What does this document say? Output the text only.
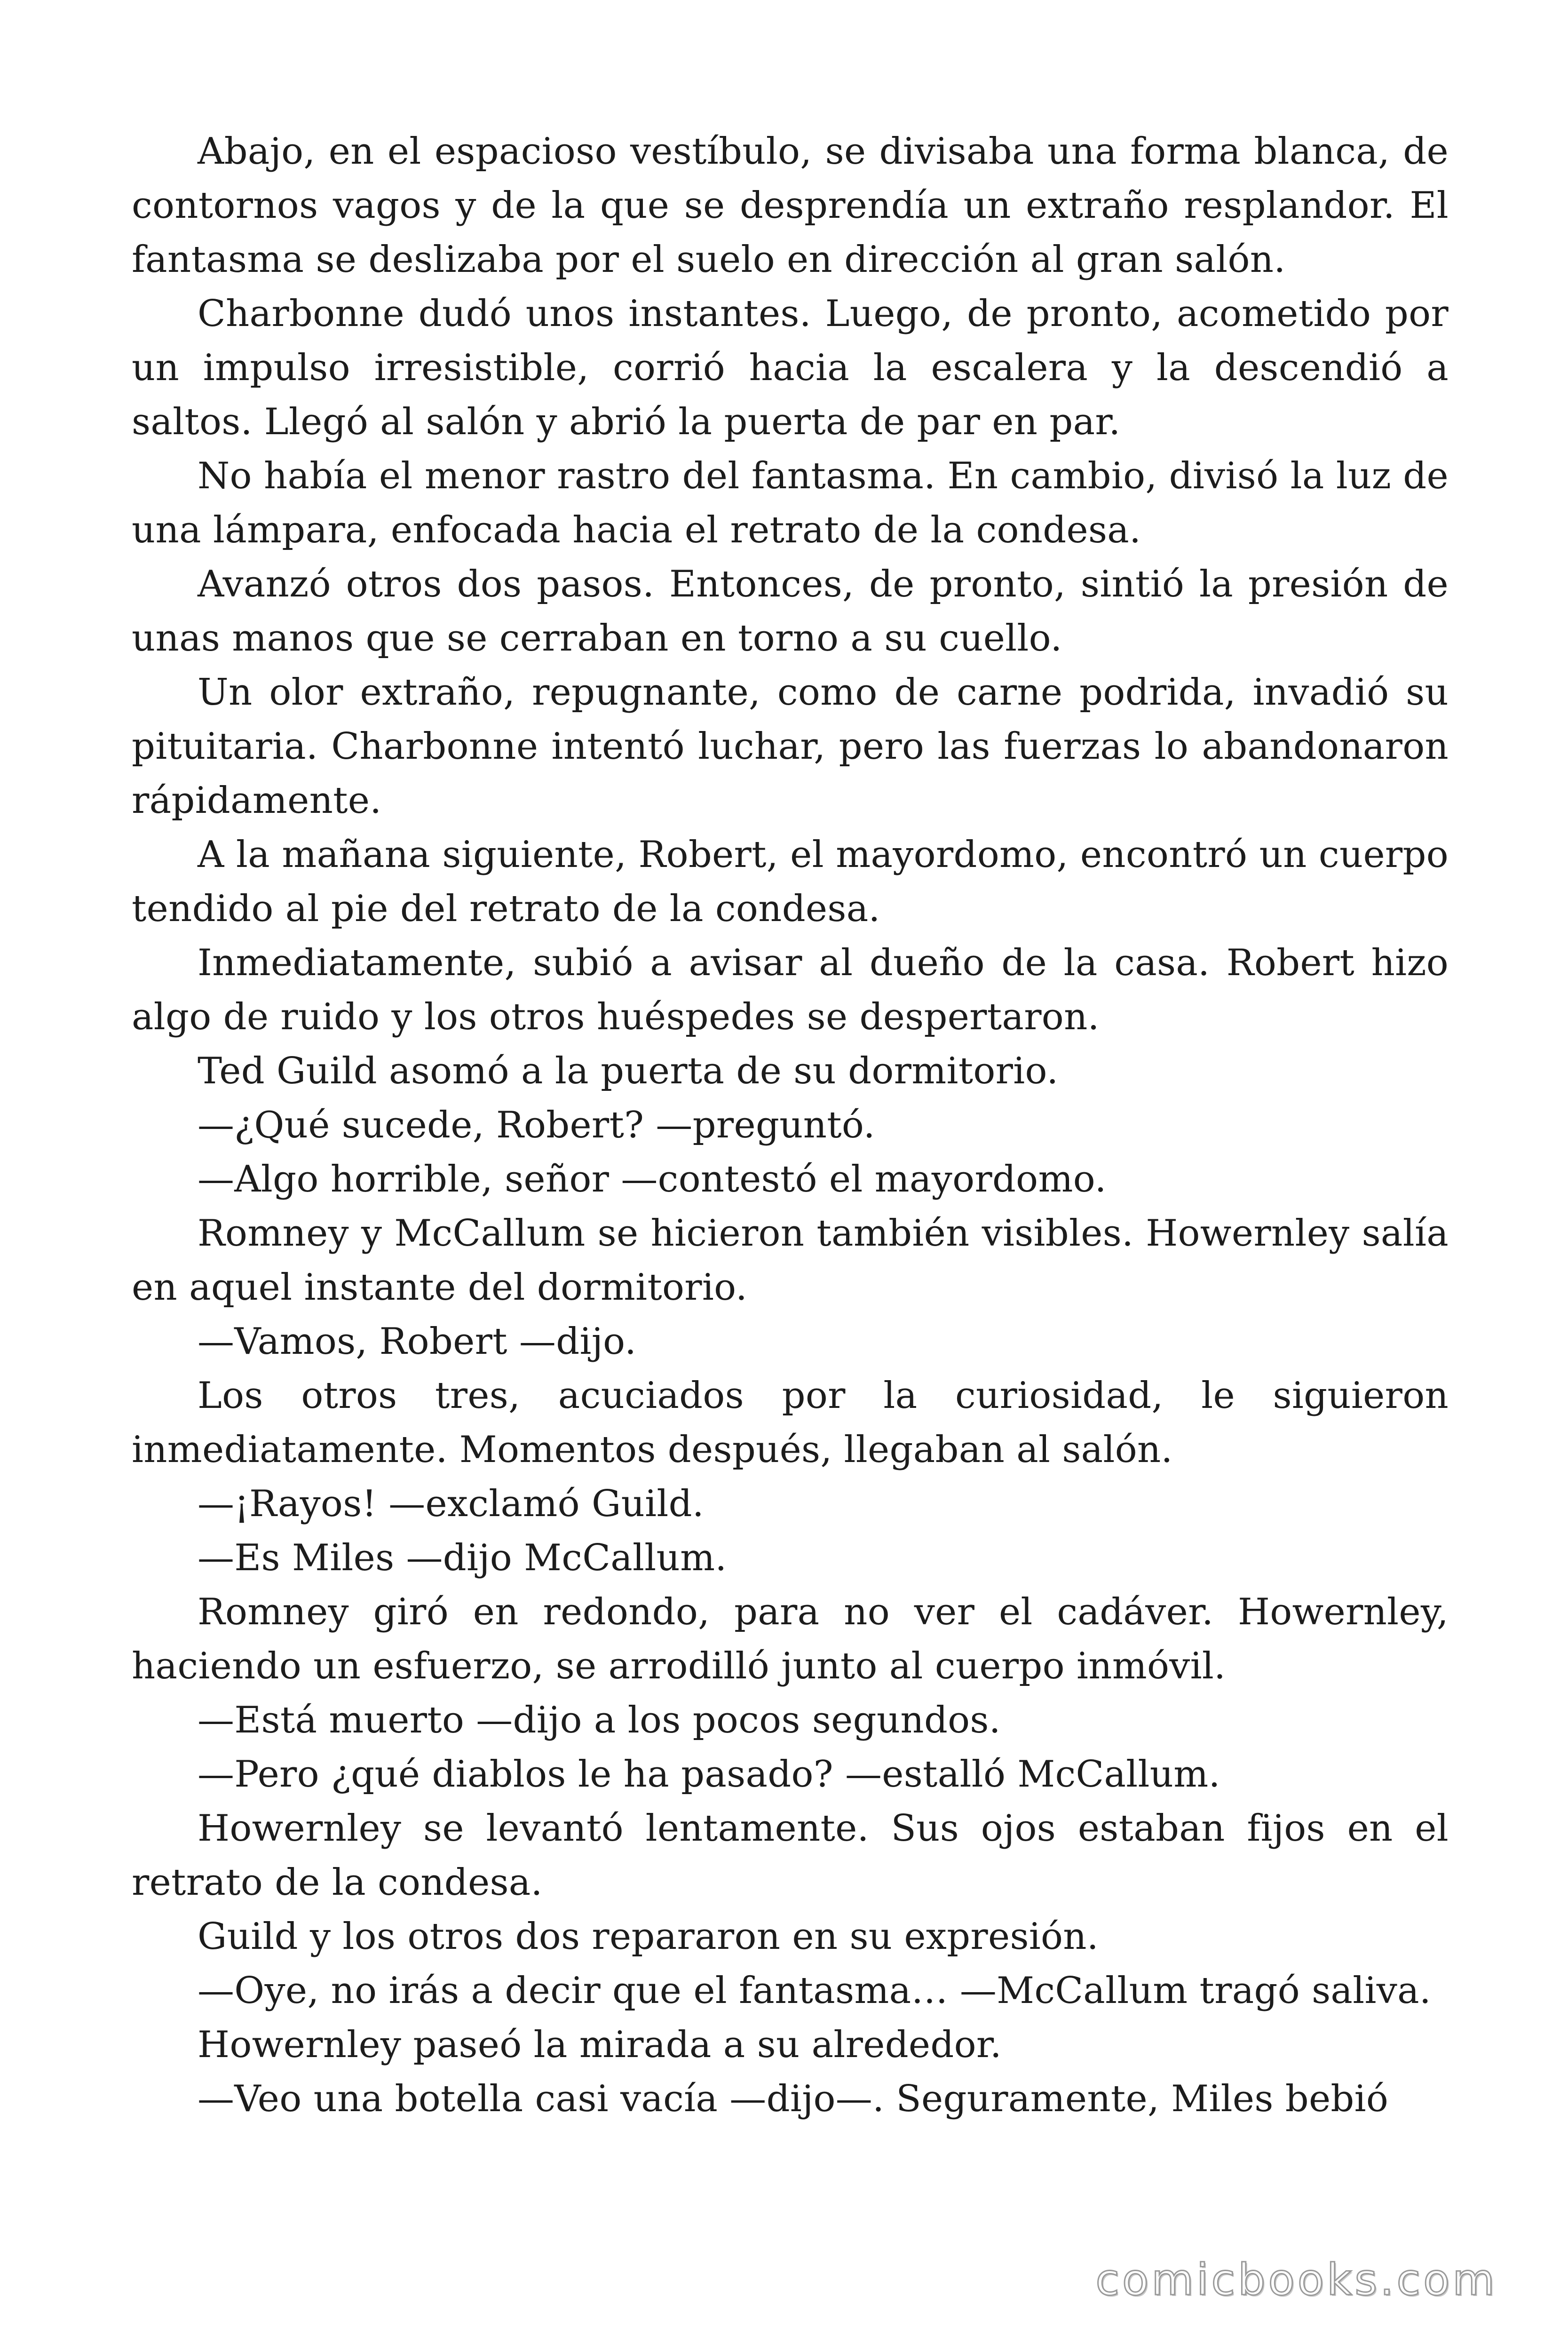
Abajo, en el espacioso vestíbulo, se divisaba una forma blanca, de contornos vagos y de la que se desprendía un extraño resplandor. El fantasma se deslizaba por el suelo en dirección al gran salón.

Charbonne dudó unos instantes. Luego, de pronto, acometido por un impulso irresistible, corrió hacia la escalera y la descendió a saltos. Llegó al salón y abrió la puerta de par en par.

No había el menor rastro del fantasma. En cambio, divisó la luz de una lámpara, enfocada hacia el retrato de la condesa.

Avanzó otros dos pasos. Entonces, de pronto, sintió la presión de unas manos que se cerraban en torno a su cuello.

Un olor extraño, repugnante, como de carne podrida, invadió su pituitaria. Charbonne intentó luchar, pero las fuerzas lo abandonaron rápidamente.

A la mañana siguiente, Robert, el mayordomo, encontró un cuerpo tendido al pie del retrato de la condesa.

Inmediatamente, subió a avisar al dueño de la casa. Robert hizo algo de ruido y los otros huéspedes se despertaron.

Ted Guild asomó a la puerta de su dormitorio.

—¿Qué sucede, Robert? —preguntó.

—Algo horrible, señor —contestó el mayordomo.

Romney y McCallum se hicieron también visibles. Howernley salía en aquel instante del dormitorio.

—Vamos, Robert —dijo.

Los otros tres, acuciados por la curiosidad, le siguieron inmediatamente. Momentos después, llegaban al salón.

—¡Rayos! —exclamó Guild.

—Es Miles —dijo McCallum.

Romney giró en redondo, para no ver el cadáver. Howernley, haciendo un esfuerzo, se arrodilló junto al cuerpo inmóvil.

—Está muerto —dijo a los pocos segundos.

—Pero ¿qué diablos le ha pasado? —estalló McCallum.

Howernley se levantó lentamente. Sus ojos estaban fijos en el retrato de la condesa.

Guild y los otros dos repararon en su expresión.

—Oye, no irás a decir que el fantasma… —McCallum tragó saliva.

Howernley paseó la mirada a su alrededor.

—Veo una botella casi vacía —dijo—. Seguramente, Miles bebió

comicbooks.com
